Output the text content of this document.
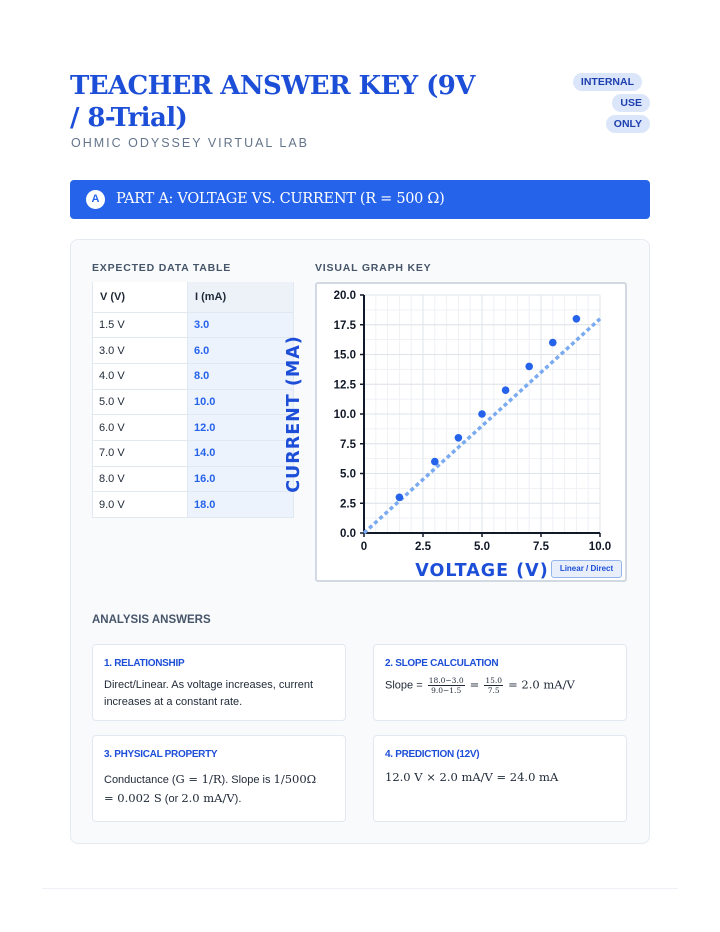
TEACHER ANSWER KEY (9V / 8-Trial)
OHMIC ODYSSEY VIRTUAL LAB
INTERNAL USE
ONLY
A	PART A: VOLTAGE VS. CURRENT (R = 500 Ω)
EXPECTED DATA TABLE	VISUAL GRAPH KEY
V (V)	I (mA)
1.5 V	3.0
3.0 V	6.0
4.0 V	8.0
5.0 V	10.0
6.0 V	12.0
7.0 V	14.0
8.0 V	16.0
9.0 V	18.0
0	2.5	5.0	7.5	10.0
0.0
2.5
5.0
7.5
10.0
12.5
15.0
17.5
20.0
VOLTAGE (V)
CURRENT (MA)
Linear / Direct
ANALYSIS ANSWERS
1. RELATIONSHIP
Direct/Linear. As voltage increases, current increases at a constant rate.
2. SLOPE CALCULATION
Slope = $\frac{18.0-3.0}{9.0-1.5} = \frac{15.0}{7.5} = 2.0$ mA/V
3. PHYSICAL PROPERTY
Conductance (G = 1/R). Slope is 1/500Ω
= 0.002 S (or 2.0 mA/V).
4. PREDICTION (12V)
12.0 V × 2.0 mA/V = 24.0 mA
